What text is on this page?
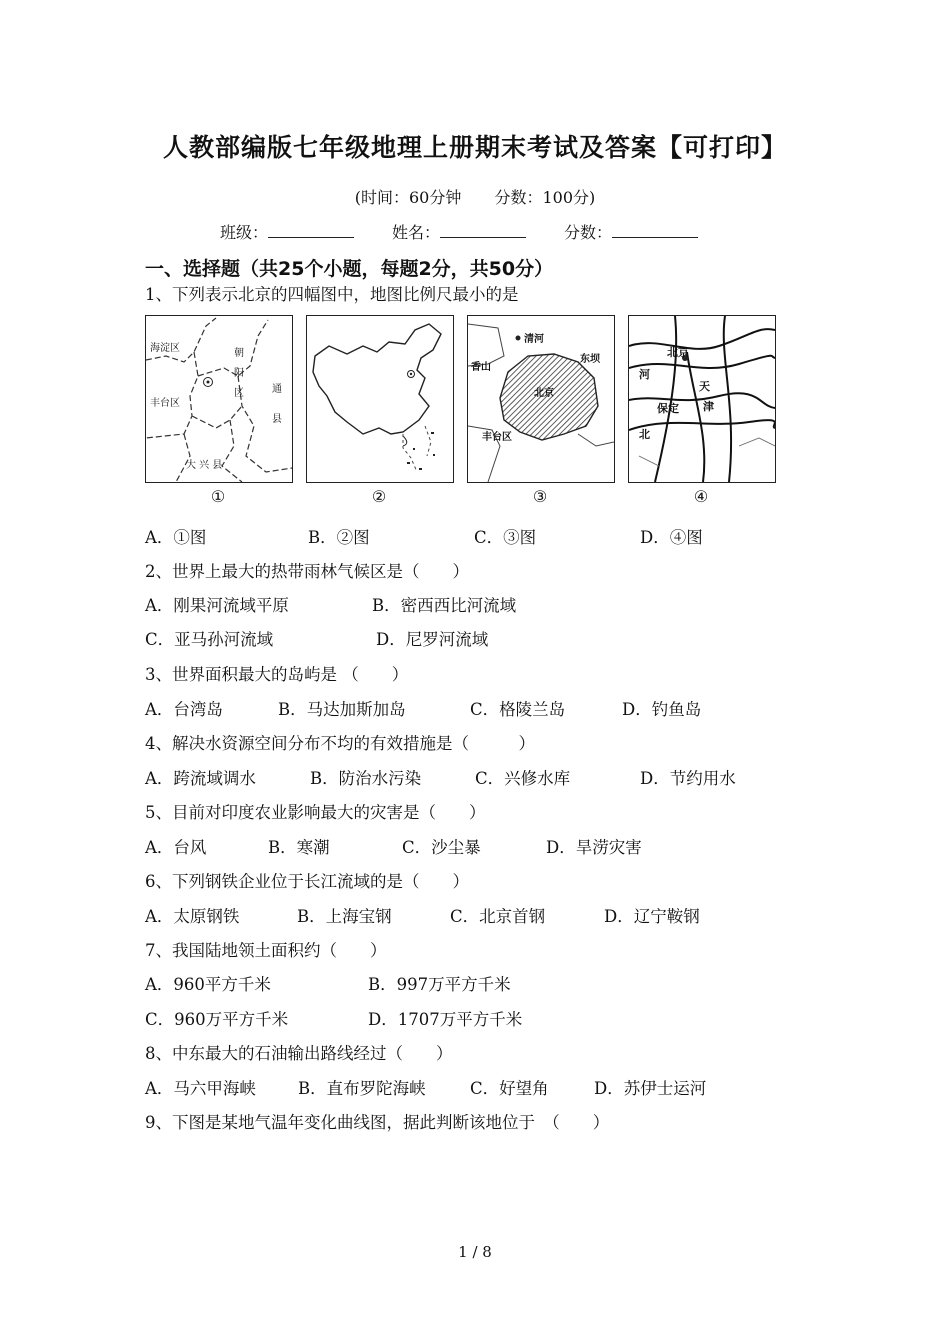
人教部编版七年级地理上册期末考试及答案【可打印】
(时间：60分钟 分数：100分)
班级：	姓名：	分数：
一、选择题（共25个小题，每题2分，共50分）
1、下列表示北京的四幅图中，地图比例尺最小的是
海淀区	朝
阳
区	通
县
丰台区
大 兴 县
①	②
清河
东坝
香山
北京
丰台区
③
北京
河
天
津
保定
北
④
A．①图	B．②图	C．③图	D．④图
2、世界上最大的热带雨林气候区是（　　）
A．刚果河流域平原	B．密西西比河流域
C．亚马孙河流域	D．尼罗河流域
3、世界面积最大的岛屿是 （　　）
A．台湾岛	B．马达加斯加岛	C．格陵兰岛	D．钓鱼岛
4、解决水资源空间分布不均的有效措施是（　　　）
A．跨流域调水	B．防治水污染	C．兴修水库	D．节约用水
5、目前对印度农业影响最大的灾害是（　　）
A．台风	B．寒潮	C．沙尘暴	D．旱涝灾害
6、下列钢铁企业位于长江流域的是（　　）
A．太原钢铁	B．上海宝钢	C．北京首钢	D．辽宁鞍钢
7、我国陆地领土面积约（　　）
A．960平方千米	B．997万平方千米
C．960万平方千米	D．1707万平方千米
8、中东最大的石油输出路线经过（　　）
A．马六甲海峡	B．直布罗陀海峡	C．好望角	D．苏伊士运河
9、下图是某地气温年变化曲线图，据此判断该地位于　（　　）
1 / 8
